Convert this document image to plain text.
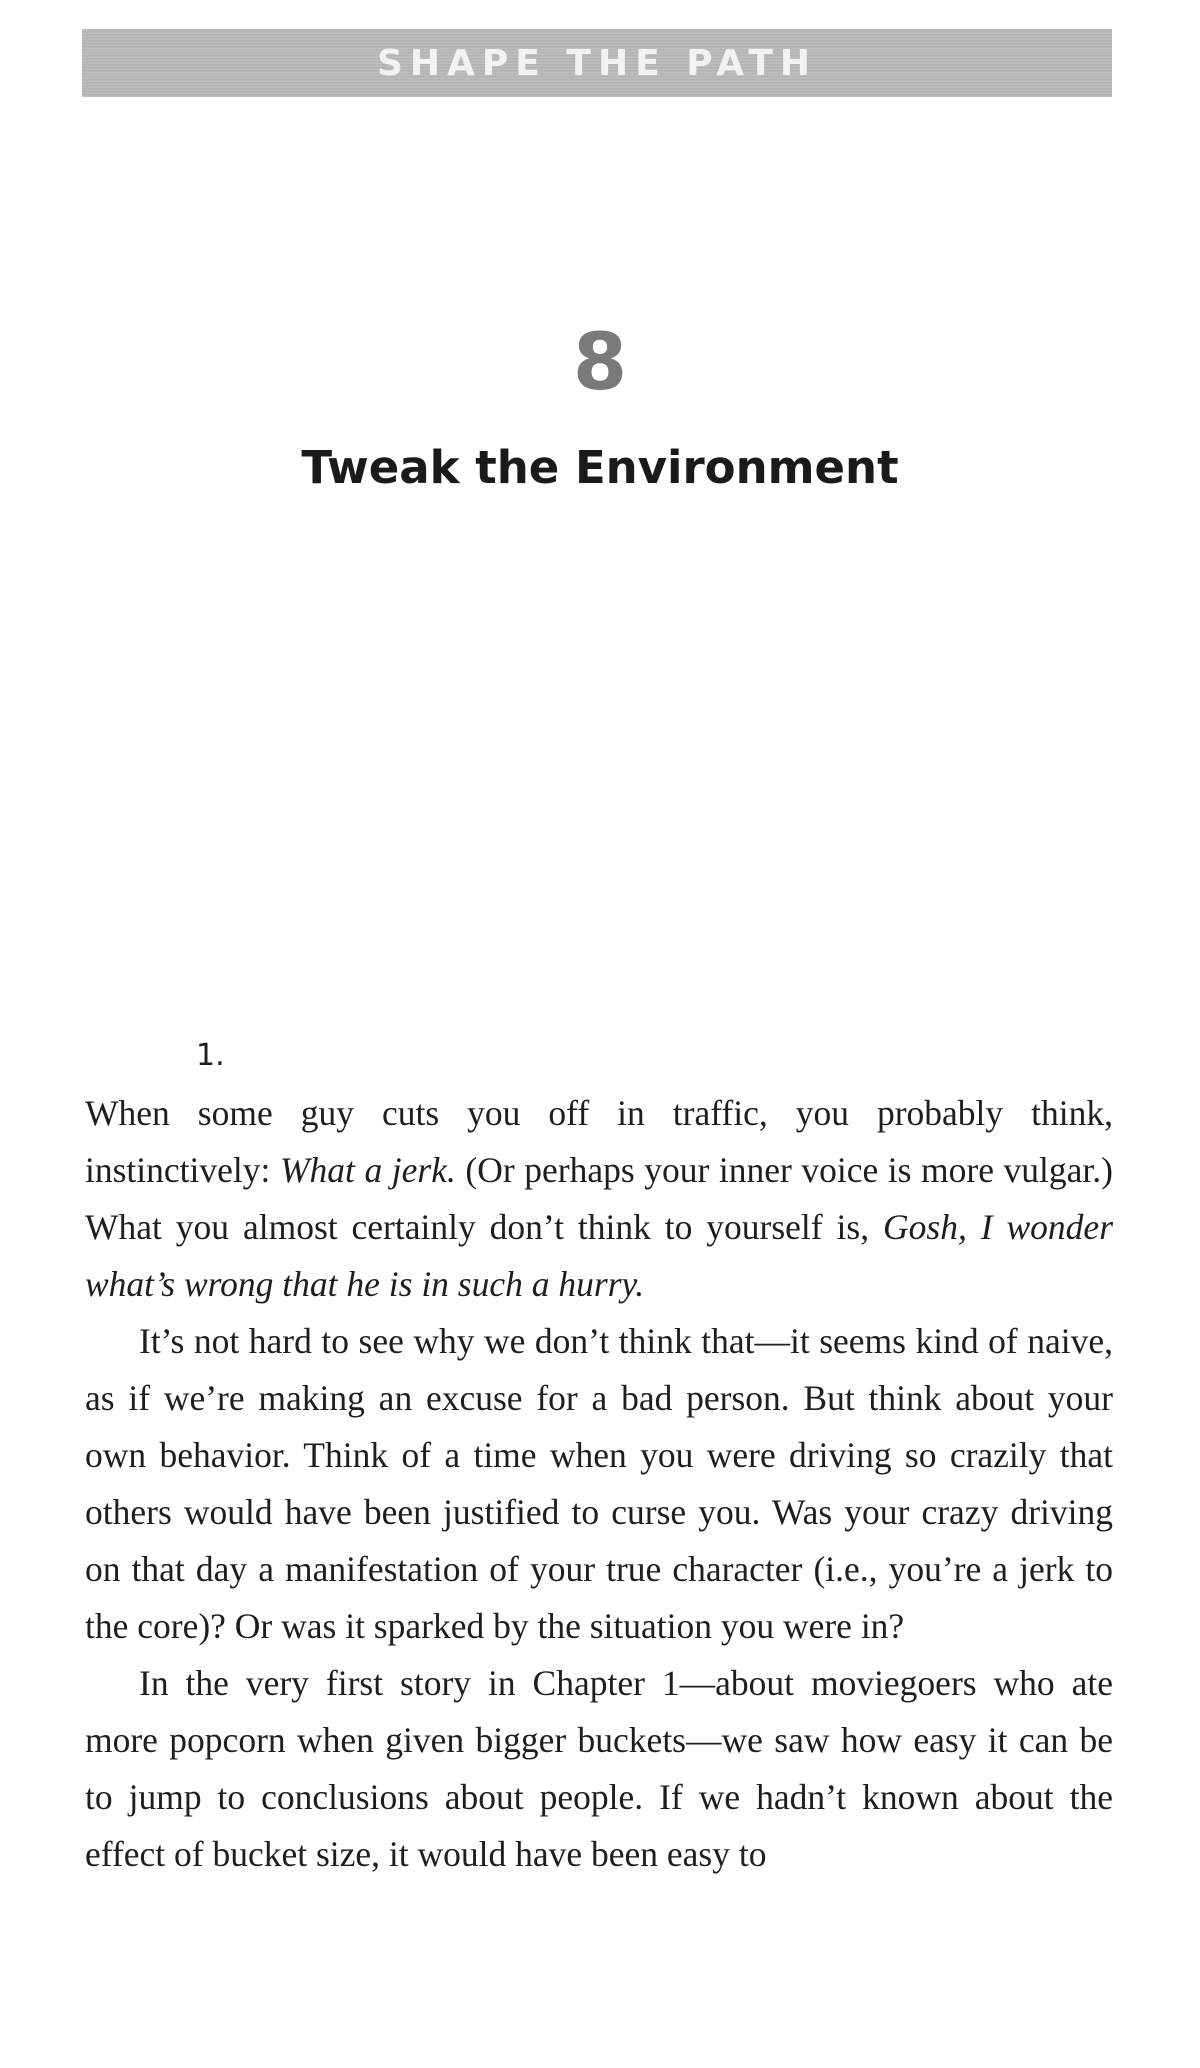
SHAPE THE PATH
8
Tweak the Environment
1.

When some guy cuts you off in traffic, you probably think, instinctively: What a jerk. (Or perhaps your inner voice is more vulgar.) What you almost certainly don’t think to yourself is, Gosh, I wonder what’s wrong that he is in such a hurry.

It’s not hard to see why we don’t think that—it seems kind of naive, as if we’re making an excuse for a bad person. But think about your own behavior. Think of a time when you were driving so crazily that others would have been justified to curse you. Was your crazy driving on that day a manifestation of your true character (i.e., you’re a jerk to the core)? Or was it sparked by the situation you were in?

In the very first story in Chapter 1—about moviegoers who ate more popcorn when given bigger buckets—we saw how easy it can be to jump to conclusions about people. If we hadn’t known about the effect of bucket size, it would have been easy to
